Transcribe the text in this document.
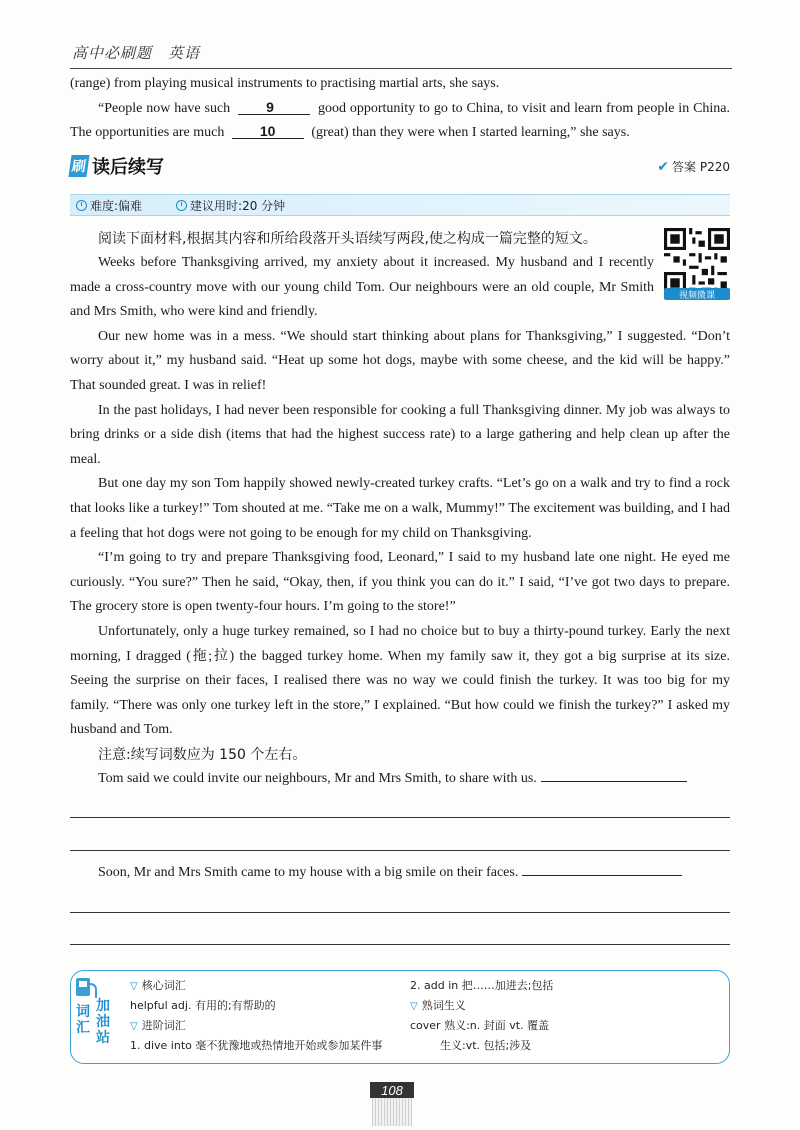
高中必刷题　英语

(range) from playing musical instruments to practising martial arts, she says.

“People now have such	9	good opportunity to go to China, to visit and learn from people in China. The opportunities are much	10	(great) than they were when I started learning,” she says.

刷 读后续写	✔ 答案 P220
难度:偏难	建议用时:20 分钟
视频微课

阅读下面材料,根据其内容和所给段落开头语续写两段,使之构成一篇完整的短文。

Weeks before Thanksgiving arrived, my anxiety about it increased. My husband and I recently made a cross-country move with our young child Tom. Our neighbours were an old couple, Mr Smith and Mrs Smith, who were kind and friendly.

Our new home was in a mess. “We should start thinking about plans for Thanksgiving,” I suggested. “Don’t worry about it,” my husband said. “Heat up some hot dogs, maybe with some cheese, and the kid will be happy.” That sounded great. I was in relief!

In the past holidays, I had never been responsible for cooking a full Thanksgiving dinner. My job was always to bring drinks or a side dish (items that had the highest success rate) to a large gathering and help clean up after the meal.

But one day my son Tom happily showed newly-created turkey crafts. “Let’s go on a walk and try to find a rock that looks like a turkey!” Tom shouted at me. “Take me on a walk, Mummy!” The excitement was building, and I had a feeling that hot dogs were not going to be enough for my child on Thanksgiving.

“I’m going to try and prepare Thanksgiving food, Leonard,” I said to my husband late one night. He eyed me curiously. “You sure?” Then he said, “Okay, then, if you think you can do it.” I said, “I’ve got two days to prepare. The grocery store is open twenty-four hours. I’m going to the store!”

Unfortunately, only a huge turkey remained, so I had no choice but to buy a thirty-pound turkey. Early the next morning, I dragged (拖;拉) the bagged turkey home. When my family saw it, they got a big surprise at its size. Seeing the surprise on their faces, I realised there was no way we could finish the turkey. It was too big for my family. “There was only one turkey left in the store,” I explained. “But how could we finish the turkey?” I asked my husband and Tom.

注意:续写词数应为 150 个左右。

Tom said we could invite our neighbours, Mr and Mrs Smith, to share with us.

Soon, Mr and Mrs Smith came to my house with a big smile on their faces.

词汇
加油站
▽ 核心词汇
helpful adj. 有用的;有帮助的
▽ 进阶词汇
1. dive into 毫不犹豫地或热情地开始或参加某件事
2. add in 把……加进去;包括
▽ 熟词生义
cover 熟义:n. 封面 vt. 覆盖
生义:vt. 包括;涉及
108
